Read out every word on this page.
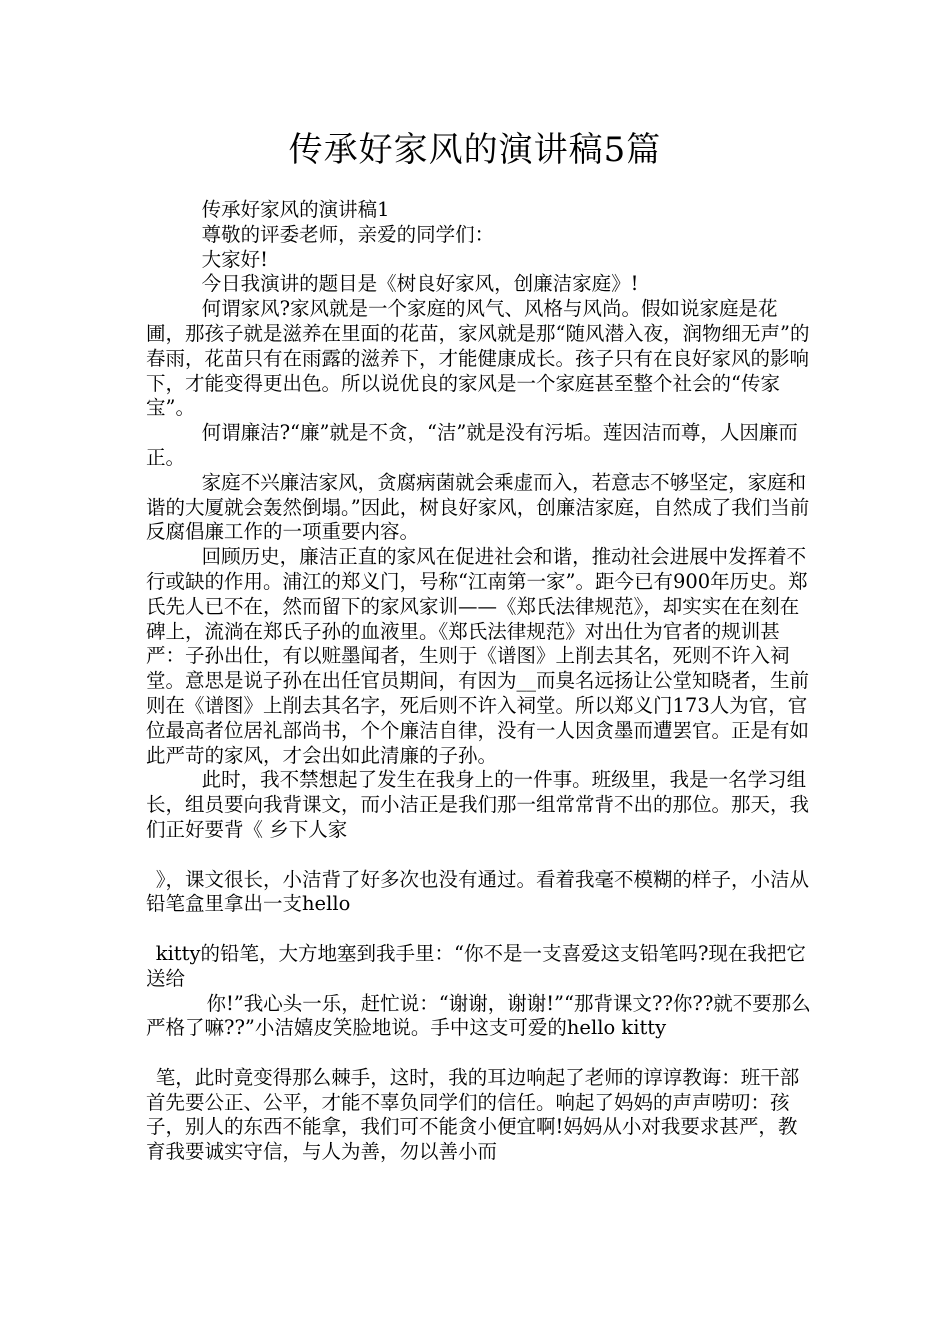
传承好家风的演讲稿5篇

传承好家风的演讲稿1

尊敬的评委老师，亲爱的同学们：

大家好!

今日我演讲的题目是《树良好家风，创廉洁家庭》!

何谓家风?家风就是一个家庭的风气、风格与风尚。假如说家庭是花圃，那孩子就是滋养在里面的花苗，家风就是那“随风潜入夜，润物细无声”的春雨，花苗只有在雨露的滋养下，才能健康成长。孩子只有在良好家风的影响下，才能变得更出色。所以说优良的家风是一个家庭甚至整个社会的“传家宝”。

何谓廉洁?“廉”就是不贪，“洁”就是没有污垢。莲因洁而尊，人因廉而正。

家庭不兴廉洁家风，贪腐病菌就会乘虚而入，若意志不够坚定，家庭和谐的大厦就会轰然倒塌。”因此，树良好家风，创廉洁家庭，自然成了我们当前反腐倡廉工作的一项重要内容。

回顾历史，廉洁正直的家风在促进社会和谐，推动社会进展中发挥着不行或缺的作用。浦江的郑义门，号称“江南第一家”。距今已有900年历史。郑氏先人已不在，然而留下的家风家训——《郑氏法律规范》，却实实在在刻在碑上，流淌在郑氏子孙的血液里。《郑氏法律规范》对出仕为官者的规训甚严：子孙出仕，有以赃墨闻者，生则于《谱图》上削去其名，死则不许入祠堂。意思是说子孙在出任官员期间，有因为__而臭名远扬让公堂知晓者，生前则在《谱图》上削去其名字，死后则不许入祠堂。所以郑义门173人为官，官位最高者位居礼部尚书，个个廉洁自律，没有一人因贪墨而遭罢官。正是有如此严苛的家风，才会出如此清廉的子孙。

此时，我不禁想起了发生在我身上的一件事。班级里，我是一名学习组长，组员要向我背课文，而小洁正是我们那一组常常背不出的那位。那天，我们正好要背《 乡下人家

》，课文很长，小洁背了好多次也没有通过。看着我毫不模糊的样子，小洁从铅笔盒里拿出一支hello

kitty的铅笔，大方地塞到我手里：“你不是一支喜爱这支铅笔吗?现在我把它送给

你!”我心头一乐，赶忙说：“谢谢，谢谢!”“那背课文??你??就不要那么严格了嘛??”小洁嬉皮笑脸地说。手中这支可爱的hello kitty

笔，此时竟变得那么棘手，这时，我的耳边响起了老师的谆谆教诲：班干部首先要公正、公平，才能不辜负同学们的信任。响起了妈妈的声声唠叨：孩子，别人的东西不能拿，我们可不能贪小便宜啊!妈妈从小对我要求甚严，教育我要诚实守信，与人为善，勿以善小而
